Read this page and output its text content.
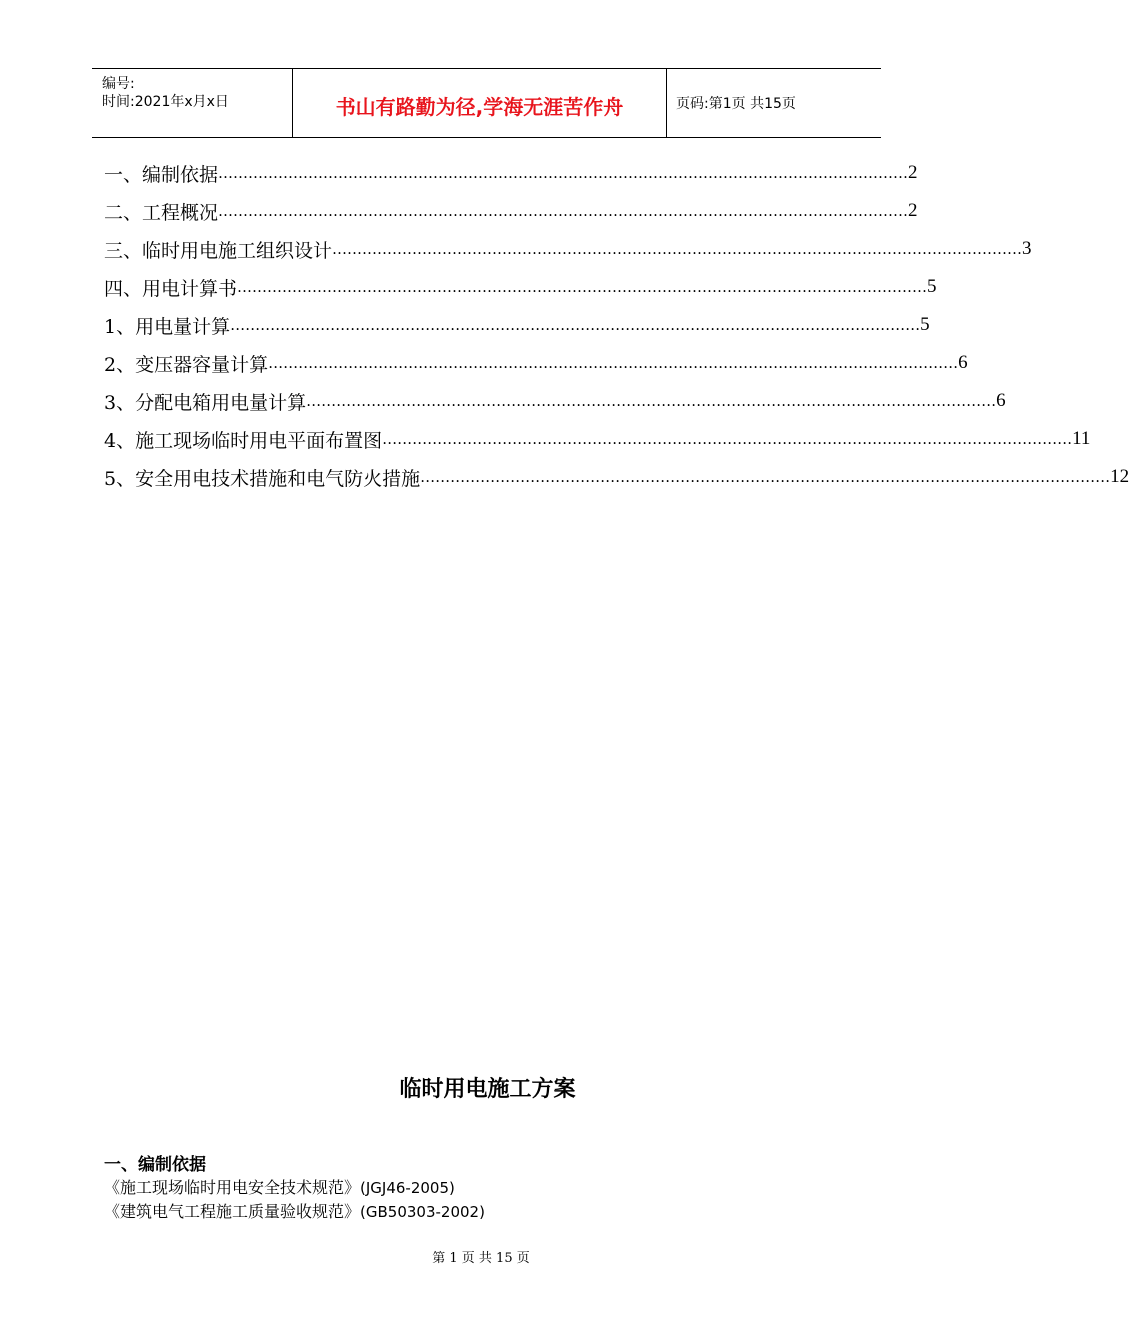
编号:
时间:2021年x月x日	书山有路勤为径,学海无涯苦作舟	页码:第1页 共15页
一、编制依据 ………………………………………………………………………………………………………………………… 2
二、工程概况 ………………………………………………………………………………………………………………………… 2
三、临时用电施工组织设计 ………………………………………………………………………………………………………………………… 3
四、用电计算书 ………………………………………………………………………………………………………………………… 5
1、用电量计算 ………………………………………………………………………………………………………………………… 5
2、变压器容量计算 ………………………………………………………………………………………………………………………… 6
3、分配电箱用电量计算 ………………………………………………………………………………………………………………………… 6
4、施工现场临时用电平面布置图 ………………………………………………………………………………………………………………………… 11
5、安全用电技术措施和电气防火措施 ………………………………………………………………………………………………………………………… 12
临时用电施工方案
一、编制依据
《施工现场临时用电安全技术规范》(JGJ46-2005)
《建筑电气工程施工质量验收规范》(GB50303-2002)
第 1 页 共 15 页
